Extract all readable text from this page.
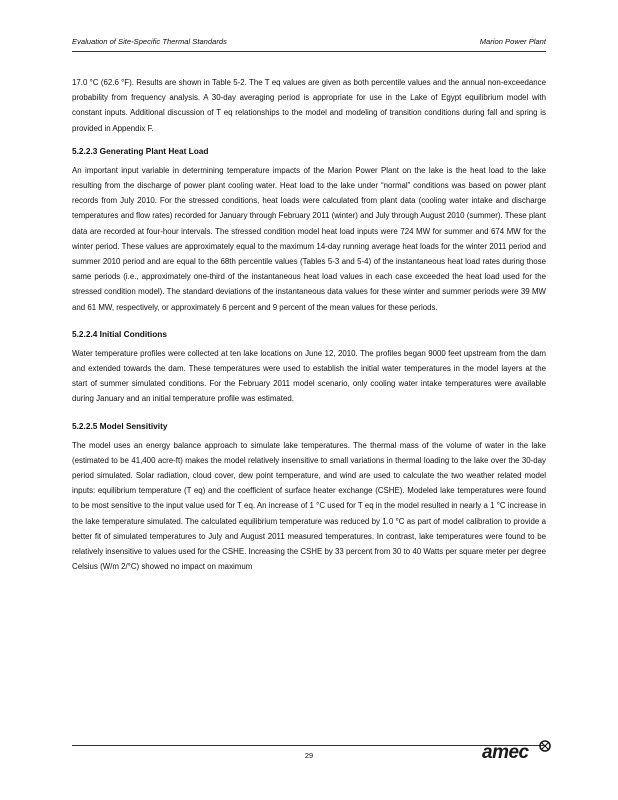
Evaluation of Site-Specific Thermal Standards	Marion Power Plant

17.0 °C (62.6 °F). Results are shown in Table 5-2. The T eq values are given as both percentile values and the annual non-exceedance probability from frequency analysis. A 30-day averaging period is appropriate for use in the Lake of Egypt equilibrium model with constant inputs. Additional discussion of T eq relationships to the model and modeling of transition conditions during fall and spring is provided in Appendix F.

5.2.2.3 Generating Plant Heat Load

An important input variable in determining temperature impacts of the Marion Power Plant on the lake is the heat load to the lake resulting from the discharge of power plant cooling water. Heat load to the lake under “normal” conditions was based on power plant records from July 2010. For the stressed conditions, heat loads were calculated from plant data (cooling water intake and discharge temperatures and flow rates) recorded for January through February 2011 (winter) and July through August 2010 (summer). These plant data are recorded at four-hour intervals. The stressed condition model heat load inputs were 724 MW for summer and 674 MW for the winter period. These values are approximately equal to the maximum 14-day running average heat loads for the winter 2011 period and summer 2010 period and are equal to the 68th percentile values (Tables 5-3 and 5-4) of the instantaneous heat load rates during those same periods (i.e., approximately one-third of the instantaneous heat load values in each case exceeded the heat load used for the stressed condition model). The standard deviations of the instantaneous data values for these winter and summer periods were 39 MW and 61 MW, respectively, or approximately 6 percent and 9 percent of the mean values for these periods.

5.2.2.4 Initial Conditions

Water temperature profiles were collected at ten lake locations on June 12, 2010. The profiles began 9000 feet upstream from the dam and extended towards the dam. These temperatures were used to establish the initial water temperatures in the model layers at the start of summer simulated conditions. For the February 2011 model scenario, only cooling water intake temperatures were available during January and an initial temperature profile was estimated.

5.2.2.5 Model Sensitivity

The model uses an energy balance approach to simulate lake temperatures. The thermal mass of the volume of water in the lake (estimated to be 41,400 acre-ft) makes the model relatively insensitive to small variations in thermal loading to the lake over the 30-day period simulated. Solar radiation, cloud cover, dew point temperature, and wind are used to calculate the two weather related model inputs: equilibrium temperature (T eq) and the coefficient of surface heater exchange (CSHE). Modeled lake temperatures were found to be most sensitive to the input value used for T eq. An increase of 1 °C used for T eq in the model resulted in nearly a 1 °C increase in the lake temperature simulated. The calculated equilibrium temperature was reduced by 1.0 °C as part of model calibration to provide a better fit of simulated temperatures to July and August 2011 measured temperatures. In contrast, lake temperatures were found to be relatively insensitive to values used for the CSHE. Increasing the CSHE by 33 percent from 30 to 40 Watts per square meter per degree Celsius (W/m 2/°C) showed no impact on maximum

29	amec
